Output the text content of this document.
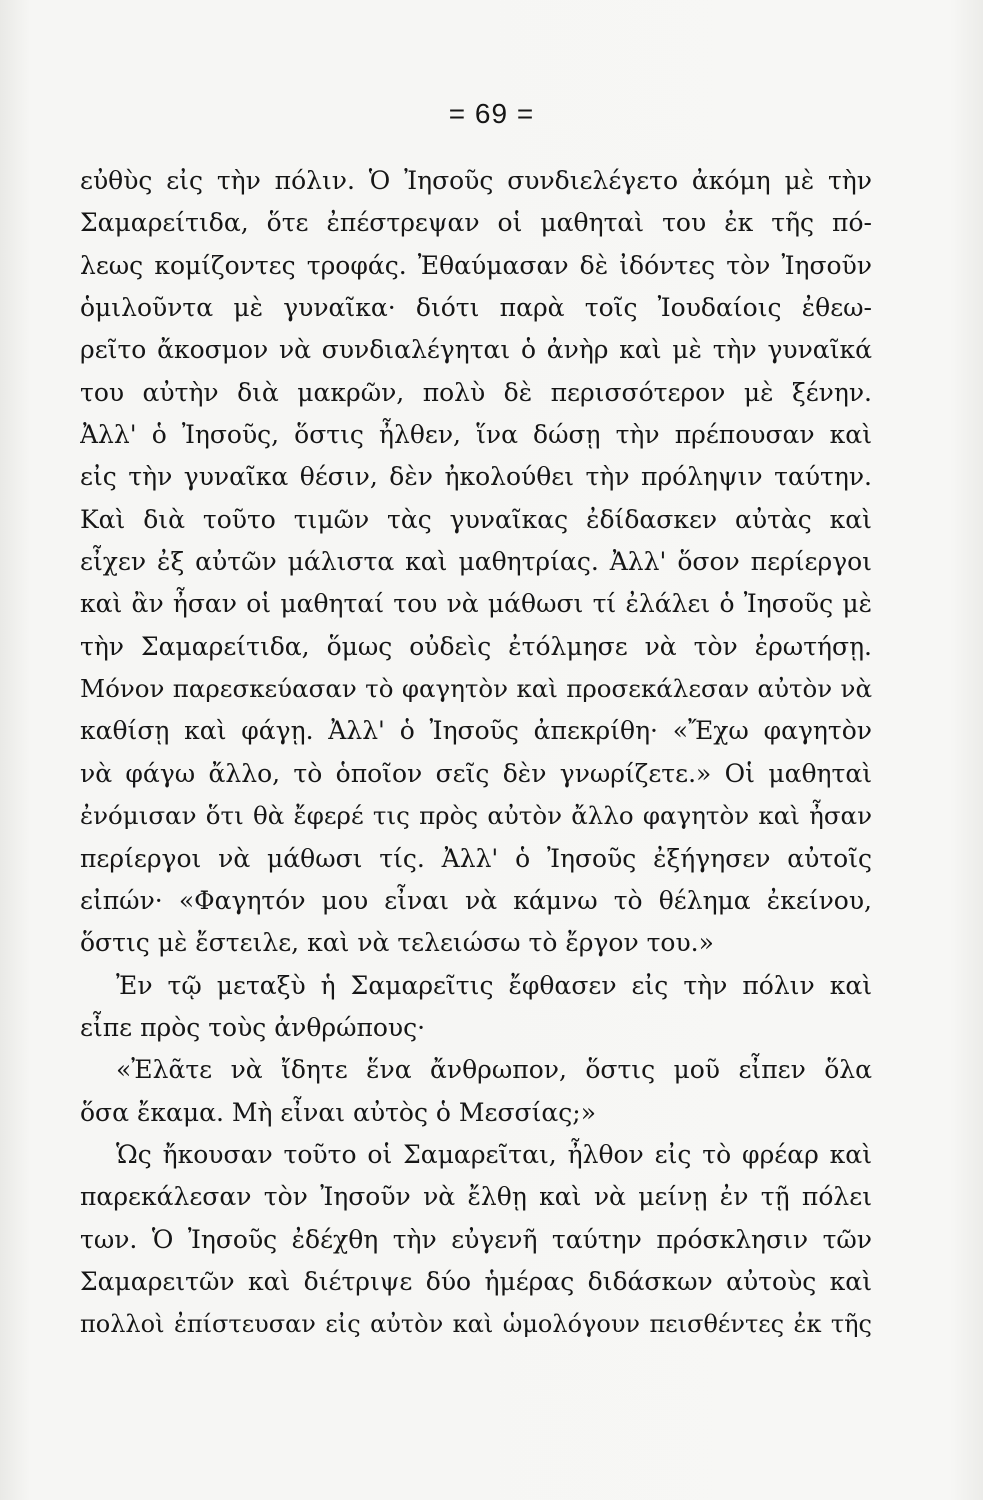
= 69 =
εὐθὺς εἰς τὴν πόλιν. Ὁ Ἰησοῦς συνδιελέγετο ἀκόμη μὲ τὴν
Σαμαρείτιδα, ὅτε ἐπέστρεψαν οἱ μαθηταὶ του ἐκ τῆς πό-
λεως κομίζοντες τροφάς. Ἐθαύμασαν δὲ ἰδόντες τὸν Ἰησοῦν
ὁμιλοῦντα μὲ γυναῖκα· διότι παρὰ τοῖς Ἰουδαίοις ἐθεω-
ρεῖτο ἄκοσμον νὰ συνδιαλέγηται ὁ ἀνὴρ καὶ μὲ τὴν γυναῖκά
του αὐτὴν διὰ μακρῶν, πολὺ δὲ περισσότερον μὲ ξένην.
Ἀλλ' ὁ Ἰησοῦς, ὅστις ἦλθεν, ἵνα δώσῃ τὴν πρέπουσαν καὶ
εἰς τὴν γυναῖκα θέσιν, δὲν ἠκολούθει τὴν πρόληψιν ταύτην.
Καὶ διὰ τοῦτο τιμῶν τὰς γυναῖκας ἐδίδασκεν αὐτὰς καὶ
εἶχεν ἐξ αὐτῶν μάλιστα καὶ μαθητρίας. Ἀλλ' ὅσον περίεργοι
καὶ ἂν ἦσαν οἱ μαθηταί του νὰ μάθωσι τί ἐλάλει ὁ Ἰησοῦς μὲ
τὴν Σαμαρείτιδα, ὅμως οὐδεὶς ἐτόλμησε νὰ τὸν ἐρωτήσῃ.
Μόνον παρεσκεύασαν τὸ φαγητὸν καὶ προσεκάλεσαν αὐτὸν νὰ
καθίσῃ καὶ φάγῃ. Ἀλλ' ὁ Ἰησοῦς ἀπεκρίθη· «Ἔχω φαγητὸν
νὰ φάγω ἄλλο, τὸ ὁποῖον σεῖς δὲν γνωρίζετε.» Οἱ μαθηταὶ
ἐνόμισαν ὅτι θὰ ἔφερέ τις πρὸς αὐτὸν ἄλλο φαγητὸν καὶ ἦσαν
περίεργοι νὰ μάθωσι τίς. Ἀλλ' ὁ Ἰησοῦς ἐξήγησεν αὐτοῖς
εἰπών· «Φαγητόν μου εἶναι νὰ κάμνω τὸ θέλημα ἐκείνου,
ὅστις μὲ ἔστειλε, καὶ νὰ τελειώσω τὸ ἔργον του.»
Ἐν τῷ μεταξὺ ἡ Σαμαρεῖτις ἔφθασεν εἰς τὴν πόλιν καὶ
εἶπε πρὸς τοὺς ἀνθρώπους·
«Ἐλᾶτε νὰ ἴδητε ἕνα ἄνθρωπον, ὅστις μοῦ εἶπεν ὅλα
ὅσα ἔκαμα. Μὴ εἶναι αὐτὸς ὁ Μεσσίας;»
Ὡς ἤκουσαν τοῦτο οἱ Σαμαρεῖται, ἦλθον εἰς τὸ φρέαρ καὶ
παρεκάλεσαν τὸν Ἰησοῦν νὰ ἔλθῃ καὶ νὰ μείνῃ ἐν τῇ πόλει
των. Ὁ Ἰησοῦς ἐδέχθη τὴν εὐγενῆ ταύτην πρόσκλησιν τῶν
Σαμαρειτῶν καὶ διέτριψε δύο ἡμέρας διδάσκων αὐτοὺς καὶ
πολλοὶ ἐπίστευσαν εἰς αὐτὸν καὶ ὡμολόγουν πεισθέντες ἐκ τῆς
